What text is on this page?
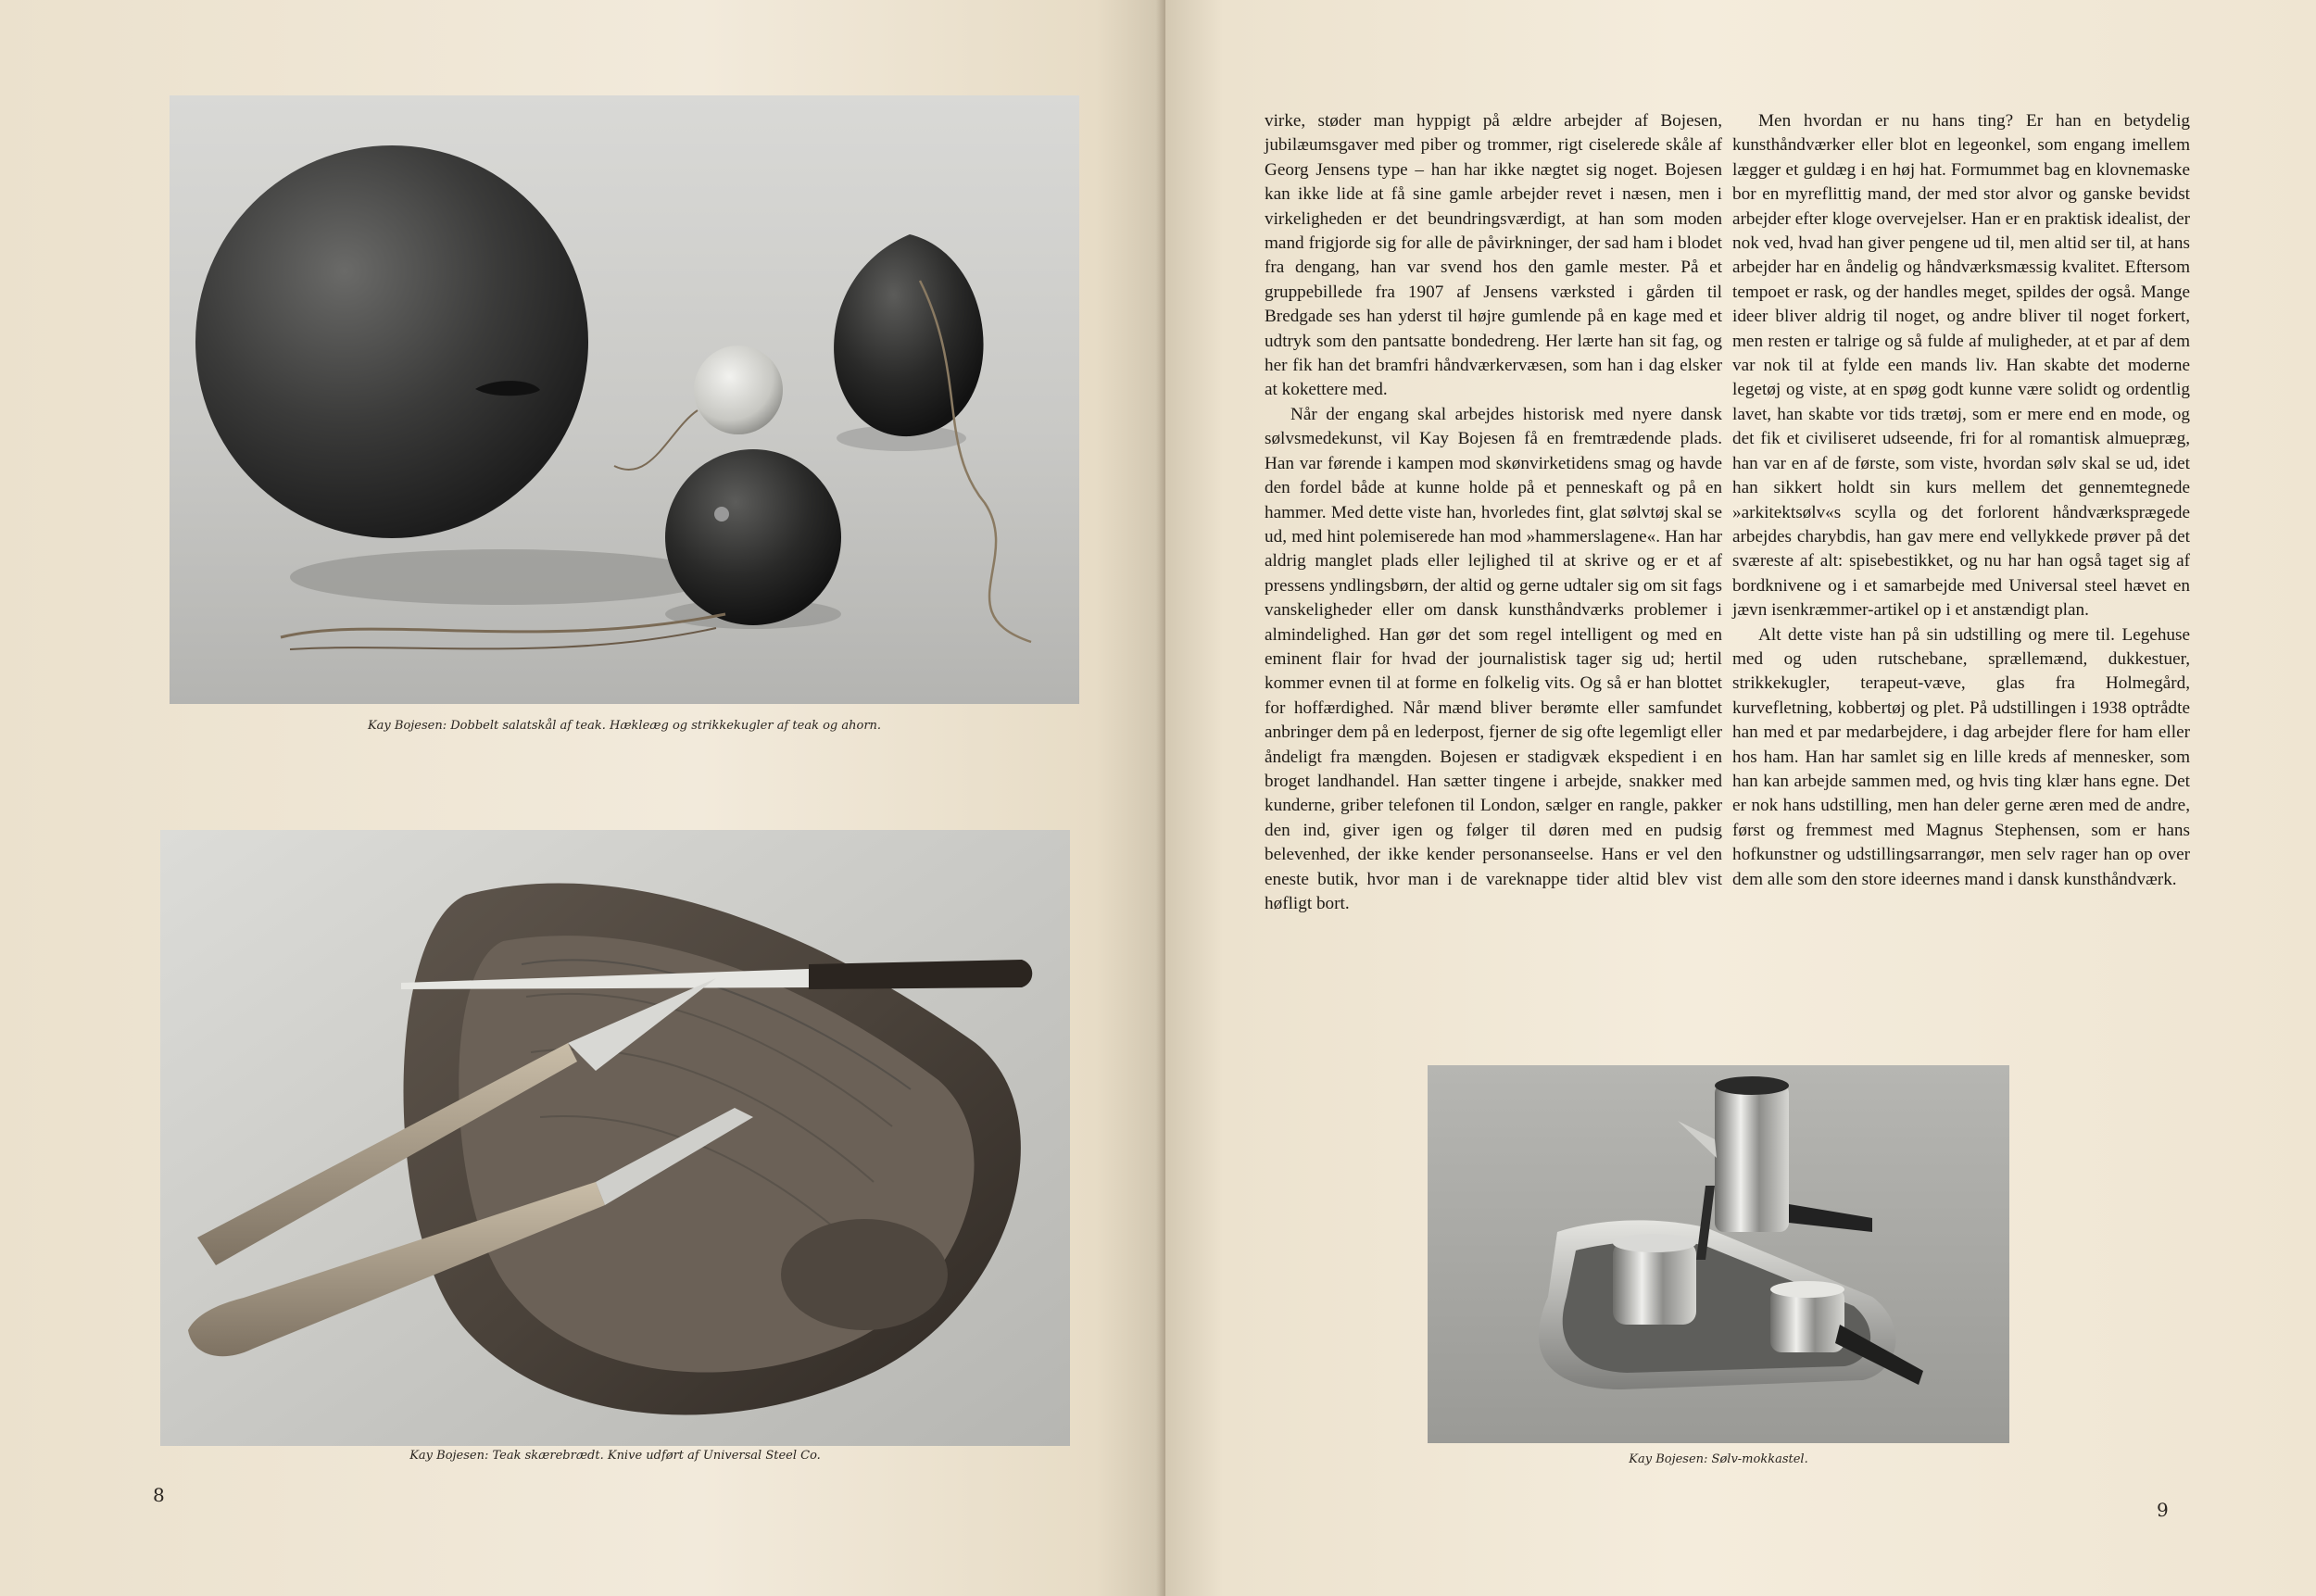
Kay Bojesen: Dobbelt salatskål af teak. Hækleæg og strikkekugler af teak og ahorn.
Kay Bojesen: Teak skærebrædt. Knive udført af Universal Steel Co.
8

virke, støder man hyppigt på ældre arbejder af Bojesen, jubilæumsgaver med piber og trommer, rigt ciselerede skåle af Georg Jensens type – han har ikke nægtet sig noget. Bojesen kan ikke lide at få sine gamle arbejder revet i næsen, men i virkeligheden er det beundringsværdigt, at han som moden mand frigjorde sig for alle de påvirkninger, der sad ham i blodet fra dengang, han var svend hos den gamle mester. På et gruppebillede fra 1907 af Jensens værksted i gården til Bredgade ses han yderst til højre gumlende på en kage med et udtryk som den pantsatte bondedreng. Her lærte han sit fag, og her fik han det bramfri håndværkervæsen, som han i dag elsker at kokettere med.

Når der engang skal arbejdes historisk med nyere dansk sølvsmedekunst, vil Kay Bojesen få en fremtrædende plads. Han var førende i kampen mod skønvirketidens smag og havde den fordel både at kunne holde på et penneskaft og på en hammer. Med dette viste han, hvorledes fint, glat sølvtøj skal se ud, med hint polemiserede han mod »hammerslagene«. Han har aldrig manglet plads eller lejlighed til at skrive og er et af pressens yndlingsbørn, der altid og gerne udtaler sig om sit fags vanskeligheder eller om dansk kunsthåndværks problemer i almindelighed. Han gør det som regel intelligent og med en eminent flair for hvad der journalistisk tager sig ud; hertil kommer evnen til at forme en folkelig vits. Og så er han blottet for hoffærdighed. Når mænd bliver berømte eller samfundet anbringer dem på en lederpost, fjerner de sig ofte legemligt eller åndeligt fra mængden. Bojesen er stadigvæk ekspedient i en broget landhandel. Han sætter tingene i arbejde, snakker med kunderne, griber telefonen til London, sælger en rangle, pakker den ind, giver igen og følger til døren med en pudsig belevenhed, der ikke kender personanseelse. Hans er vel den eneste butik, hvor man i de vareknappe tider altid blev vist høfligt bort.

Men hvordan er nu hans ting? Er han en betydelig kunsthåndværker eller blot en legeonkel, som engang imellem lægger et guldæg i en høj hat. Formummet bag en klovnemaske bor en myreflittig mand, der med stor alvor og ganske bevidst arbejder efter kloge overvejelser. Han er en praktisk idealist, der nok ved, hvad han giver pengene ud til, men altid ser til, at hans arbejder har en åndelig og håndværksmæssig kvalitet. Eftersom tempoet er rask, og der handles meget, spildes der også. Mange ideer bliver aldrig til noget, og andre bliver til noget forkert, men resten er talrige og så fulde af muligheder, at et par af dem var nok til at fylde een mands liv. Han skabte det moderne legetøj og viste, at en spøg godt kunne være solidt og ordentlig lavet, han skabte vor tids trætøj, som er mere end en mode, og det fik et civiliseret udseende, fri for al romantisk almuepræg, han var en af de første, som viste, hvordan sølv skal se ud, idet han sikkert holdt sin kurs mellem det gennemtegnede »arkitektsølv«s scylla og det forlorent håndværksprægede arbejdes charybdis, han gav mere end vellykkede prøver på det sværeste af alt: spisebestikket, og nu har han også taget sig af bordknivene og i et samarbejde med Universal steel hævet en jævn isenkræmmer-artikel op i et anstændigt plan.

Alt dette viste han på sin udstilling og mere til. Legehuse med og uden rutschebane, sprællemænd, dukkestuer, strikkekugler, terapeut-væve, glas fra Holmegård, kurvefletning, kobbertøj og plet. På udstillingen i 1938 optrådte han med et par medarbejdere, i dag arbejder flere for ham eller hos ham. Han har samlet sig en lille kreds af mennesker, som han kan arbejde sammen med, og hvis ting klær hans egne. Det er nok hans udstilling, men han deler gerne æren med de andre, først og fremmest med Magnus Stephensen, som er hans hofkunstner og udstillingsarrangør, men selv rager han op over dem alle som den store ideernes mand i dansk kunsthåndværk.

Kay Bojesen: Sølv-mokkastel.
9
